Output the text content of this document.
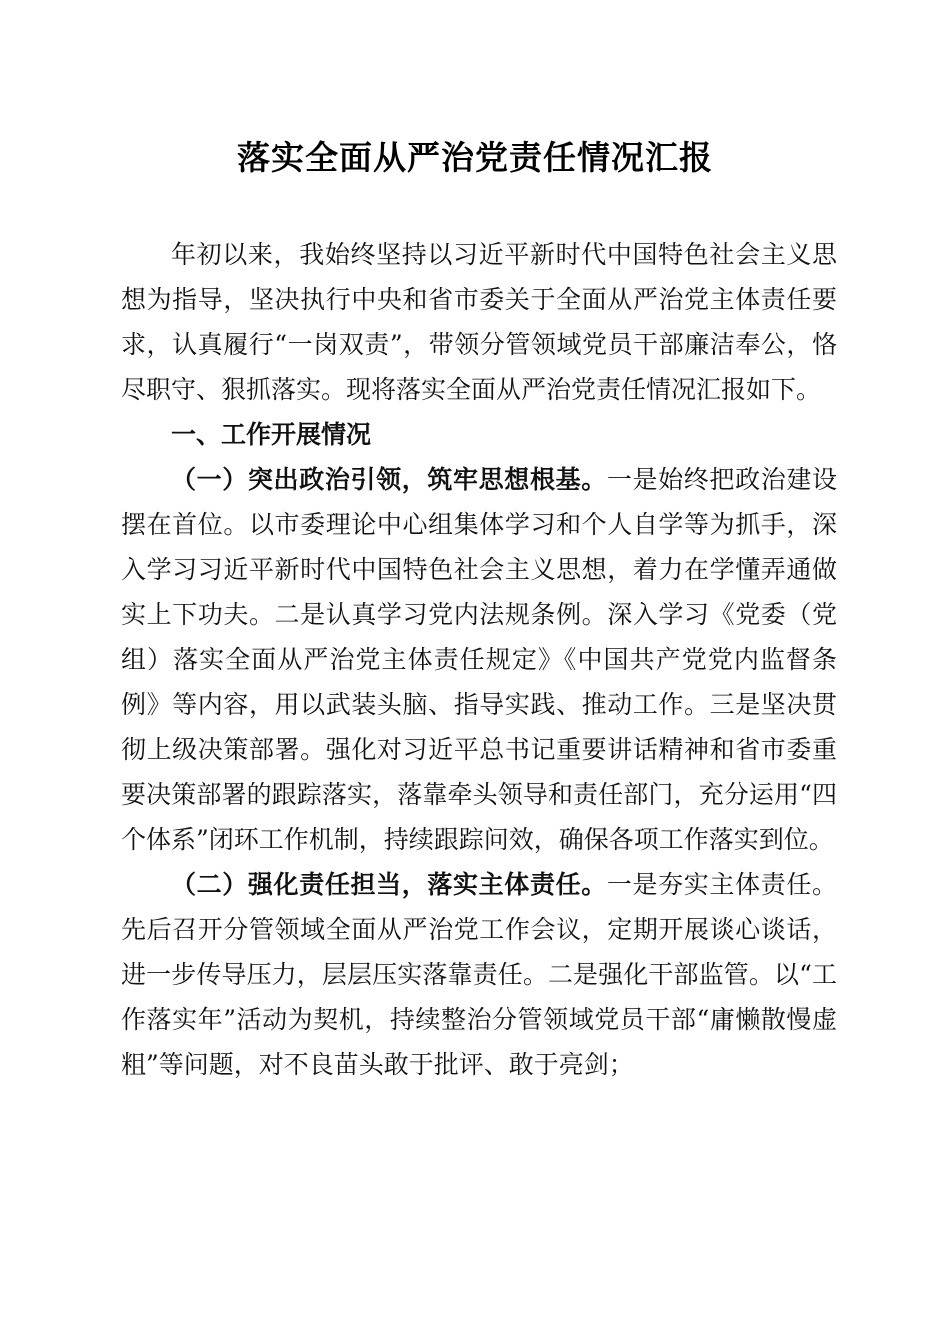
落实全面从严治党责任情况汇报

年初以来，我始终坚持以习近平新时代中国特色社会主义思想为指导，坚决执行中央和省市委关于全面从严治党主体责任要求，认真履行“一岗双责”，带领分管领域党员干部廉洁奉公，恪尽职守、狠抓落实。现将落实全面从严治党责任情况汇报如下。

一、工作开展情况

（一）突出政治引领，筑牢思想根基。一是始终把政治建设摆在首位。以市委理论中心组集体学习和个人自学等为抓手，深入学习习近平新时代中国特色社会主义思想，着力在学懂弄通做实上下功夫。二是认真学习党内法规条例。深入学习《党委（党组）落实全面从严治党主体责任规定》《中国共产党党内监督条例》等内容，用以武装头脑、指导实践、推动工作。三是坚决贯彻上级决策部署。强化对习近平总书记重要讲话精神和省市委重要决策部署的跟踪落实，落靠牵头领导和责任部门，充分运用“四个体系”闭环工作机制，持续跟踪问效，确保各项工作落实到位。

（二）强化责任担当，落实主体责任。一是夯实主体责任。先后召开分管领域全面从严治党工作会议，定期开展谈心谈话，进一步传导压力，层层压实落靠责任。二是强化干部监管。以“工作落实年”活动为契机，持续整治分管领域党员干部“庸懒散慢虚粗”等问题，对不良苗头敢于批评、敢于亮剑；
